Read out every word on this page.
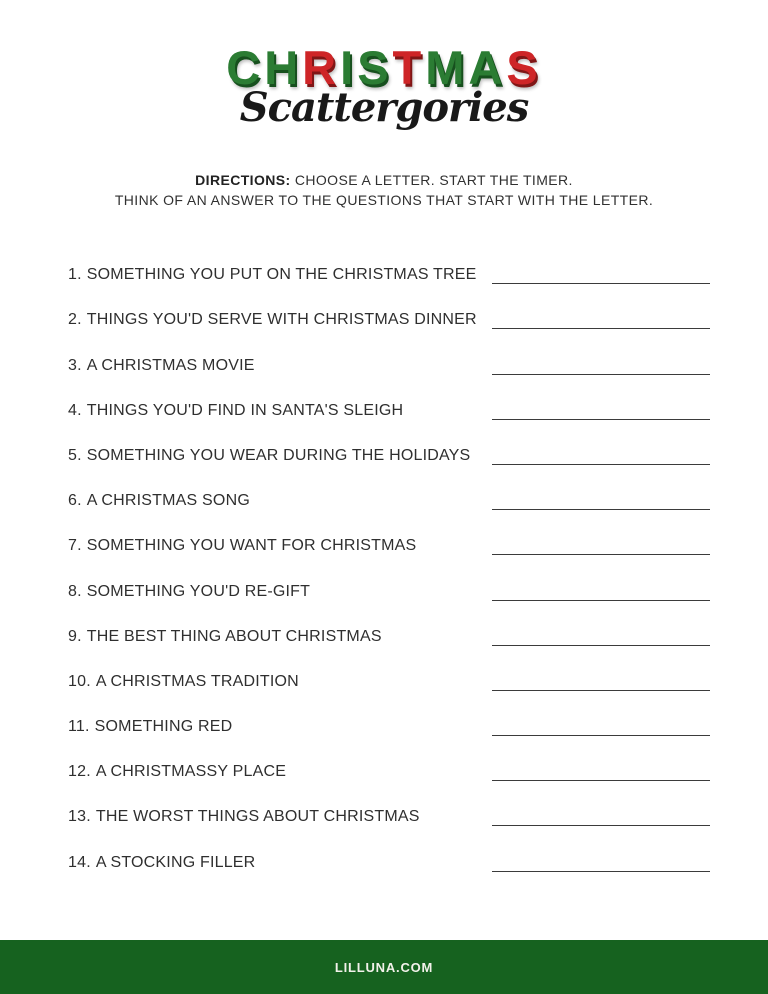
CHRISTMAS
Scattergories
DIRECTIONS: CHOOSE A LETTER. START THE TIMER.
THINK OF AN ANSWER TO THE QUESTIONS THAT START WITH THE LETTER.
1. SOMETHING YOU PUT ON THE CHRISTMAS TREE
2. THINGS YOU'D SERVE WITH CHRISTMAS DINNER
3. A CHRISTMAS MOVIE
4. THINGS YOU'D FIND IN SANTA'S SLEIGH
5. SOMETHING YOU WEAR DURING THE HOLIDAYS
6. A CHRISTMAS SONG
7. SOMETHING YOU WANT FOR CHRISTMAS
8. SOMETHING YOU'D RE-GIFT
9. THE BEST THING ABOUT CHRISTMAS
10. A CHRISTMAS TRADITION
11. SOMETHING RED
12. A CHRISTMASSY PLACE
13. THE WORST THINGS ABOUT CHRISTMAS
14. A STOCKING FILLER
LILLUNA.COM
